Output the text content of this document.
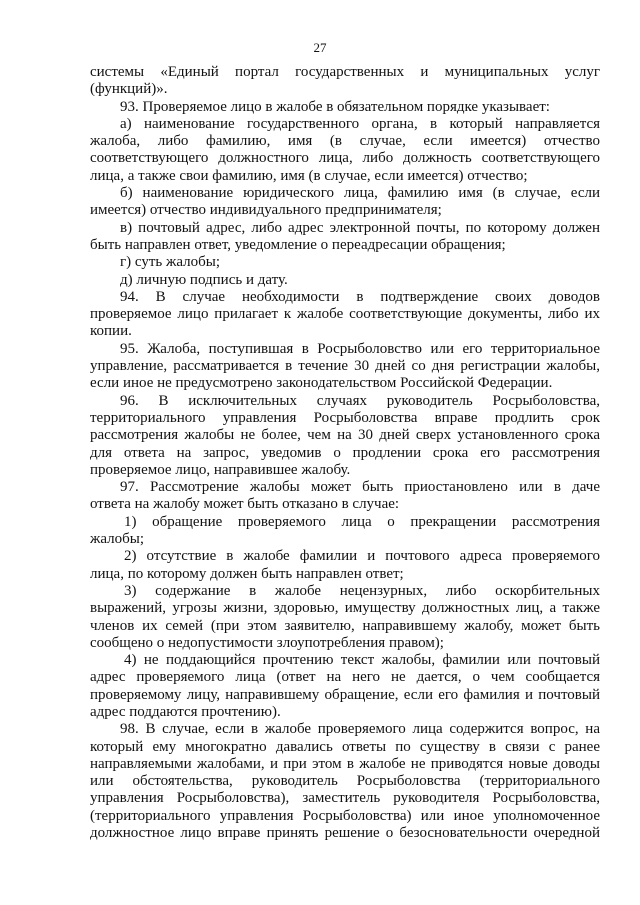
27
системы «Единый портал государственных и муниципальных услуг
(функций)».
93. Проверяемое лицо в жалобе в обязательном порядке указывает:
а) наименование государственного органа, в который направляется
жалоба, либо фамилию, имя (в случае, если имеется) отчество
соответствующего должностного лица, либо должность соответствующего
лица, а также свои фамилию, имя (в случае, если имеется) отчество;
б) наименование юридического лица, фамилию имя (в случае, если
имеется) отчество индивидуального предпринимателя;
в) почтовый адрес, либо адрес электронной почты, по которому должен
быть направлен ответ, уведомление о переадресации обращения;
г) суть жалобы;
д) личную подпись и дату.
94. В случае необходимости в подтверждение своих доводов
проверяемое лицо прилагает к жалобе соответствующие документы, либо их
копии.
95. Жалоба, поступившая в Росрыболовство или его территориальное
управление, рассматривается в течение 30 дней со дня регистрации жалобы,
если иное не предусмотрено законодательством Российской Федерации.
96. В исключительных случаях руководитель Росрыболовства,
территориального управления Росрыболовства вправе продлить срок
рассмотрения жалобы не более, чем на 30 дней сверх установленного срока
для ответа на запрос, уведомив о продлении срока его рассмотрения
проверяемое лицо, направившее жалобу.
97. Рассмотрение жалобы может быть приостановлено или в даче
ответа на жалобу может быть отказано в случае:
1) обращение проверяемого лица о прекращении рассмотрения
жалобы;
2) отсутствие в жалобе фамилии и почтового адреса проверяемого
лица, по которому должен быть направлен ответ;
3) содержание в жалобе нецензурных, либо оскорбительных
выражений, угрозы жизни, здоровью, имуществу должностных лиц, а также
членов их семей (при этом заявителю, направившему жалобу, может быть
сообщено о недопустимости злоупотребления правом);
4) не поддающийся прочтению текст жалобы, фамилии или почтовый
адрес проверяемого лица (ответ на него не дается, о чем сообщается
проверяемому лицу, направившему обращение, если его фамилия и почтовый
адрес поддаются прочтению).
98. В случае, если в жалобе проверяемого лица содержится вопрос, на
который ему многократно давались ответы по существу в связи с ранее
направляемыми жалобами, и при этом в жалобе не приводятся новые доводы
или обстоятельства, руководитель Росрыболовства (территориального
управления Росрыболовства), заместитель руководителя Росрыболовства,
(территориального управления Росрыболовства) или иное уполномоченное
должностное лицо вправе принять решение о безосновательности очередной
